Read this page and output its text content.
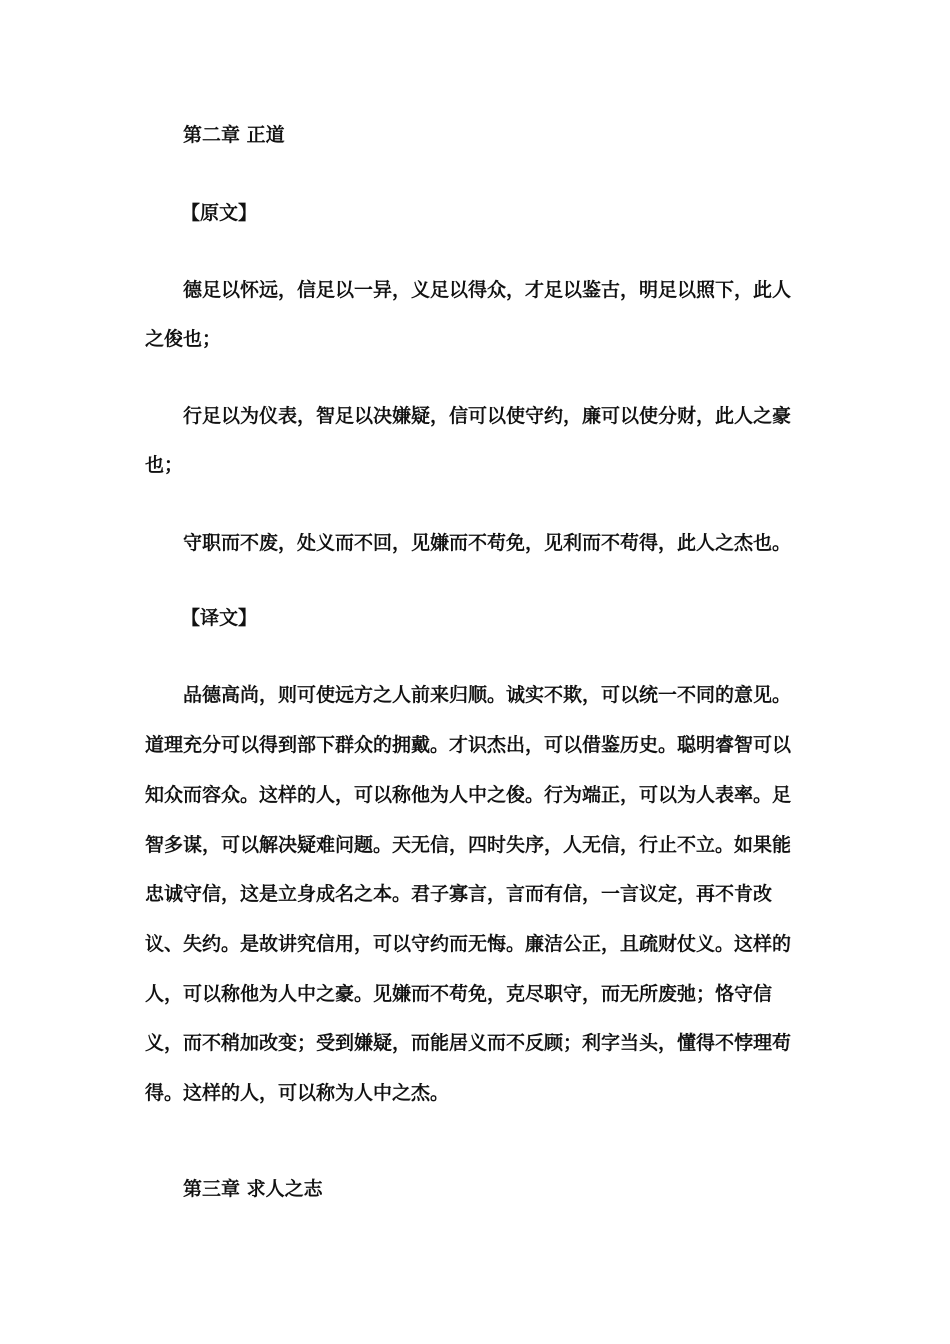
第二章 正道
【原文】
德足以怀远，信足以一异，义足以得众，才足以鉴古，明足以照下，此人
之俊也；
行足以为仪表，智足以决嫌疑，信可以使守约，廉可以使分财，此人之豪
也；
守职而不废，处义而不回，见嫌而不苟免，见利而不苟得，此人之杰也。
【译文】
品德高尚，则可使远方之人前来归顺。诚实不欺，可以统一不同的意见。
道理充分可以得到部下群众的拥戴。才识杰出，可以借鉴历史。聪明睿智可以
知众而容众。这样的人，可以称他为人中之俊。行为端正，可以为人表率。足
智多谋，可以解决疑难问题。天无信，四时失序，人无信，行止不立。如果能
忠诚守信，这是立身成名之本。君子寡言，言而有信，一言议定，再不肯改
议、失约。是故讲究信用，可以守约而无悔。廉洁公正，且疏财仗义。这样的
人，可以称他为人中之豪。见嫌而不苟免，克尽职守，而无所废弛；恪守信
义，而不稍加改变；受到嫌疑，而能居义而不反顾；利字当头，懂得不悖理苟
得。这样的人，可以称为人中之杰。
第三章 求人之志
